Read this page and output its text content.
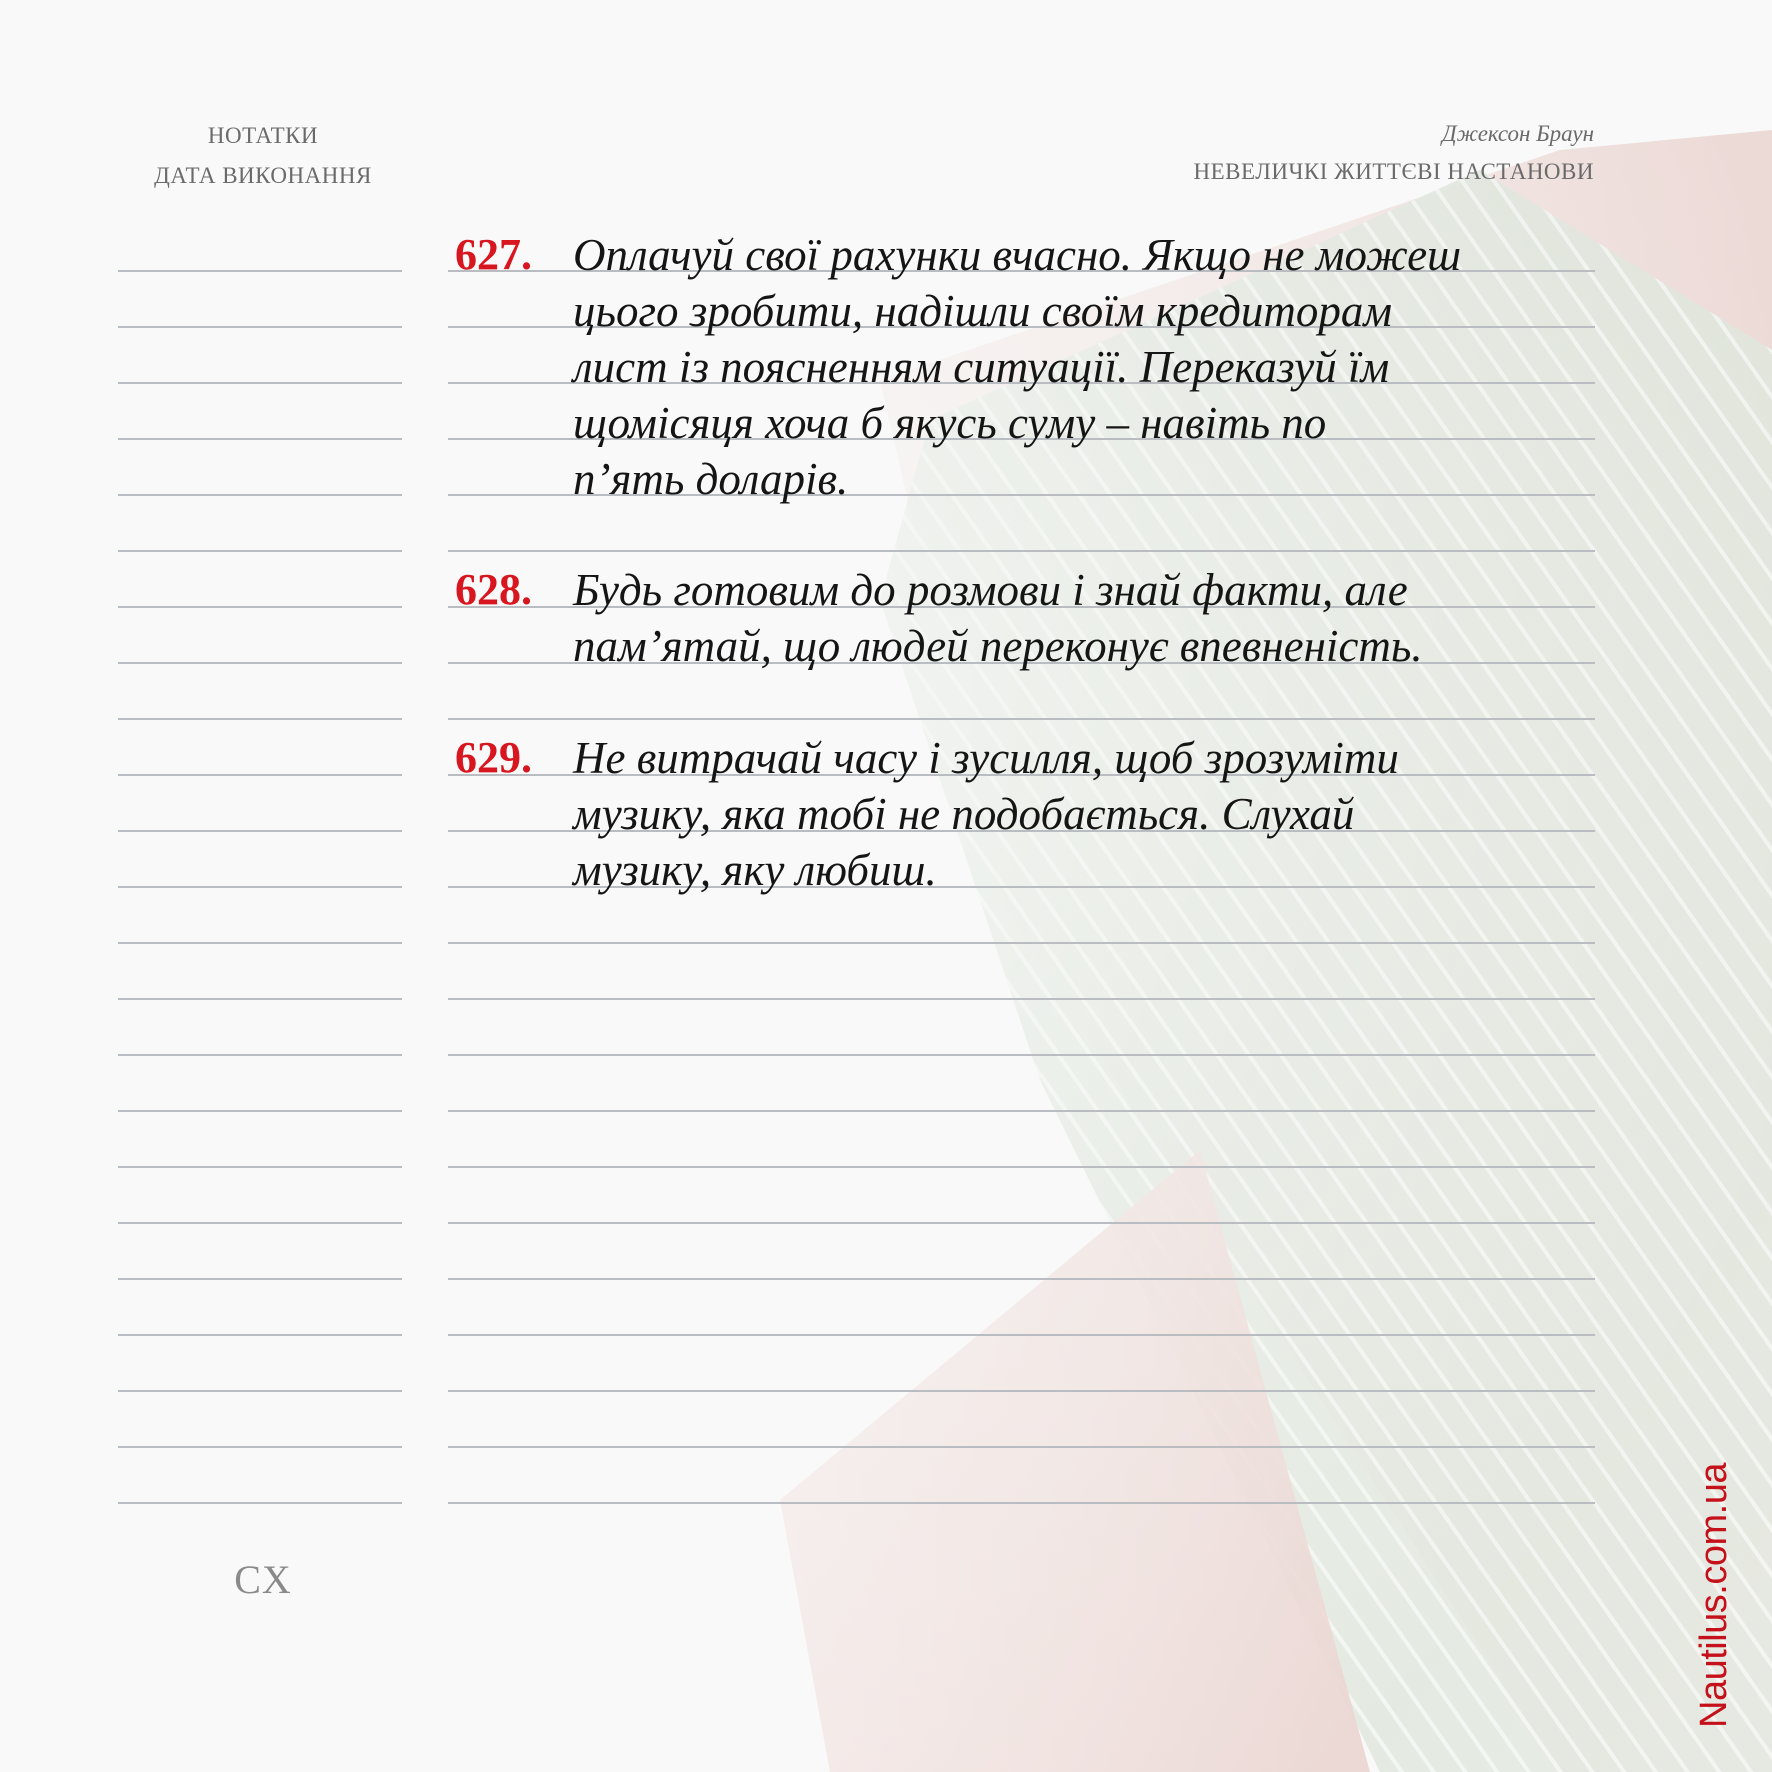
НОТАТКИ
ДАТА ВИКОНАННЯ
Джексон Браун
НЕВЕЛИЧКІ ЖИТТЄВІ НАСТАНОВИ
627. Оплачуй свої рахунки вчасно. Якщо не можеш
цього зробити, надішли своїм кредиторам
лист із поясненням ситуації. Переказуй їм
щомісяця хоча б якусь суму – навіть по
п’ять доларів.
628. Будь готовим до розмови і знай факти, але
пам’ятай, що людей переконує впевненість.
629. Не витрачай часу і зусилля, щоб зрозуміти
музику, яка тобі не подобається. Слухай
музику, яку любиш.
CX	Nautilus.com.ua
